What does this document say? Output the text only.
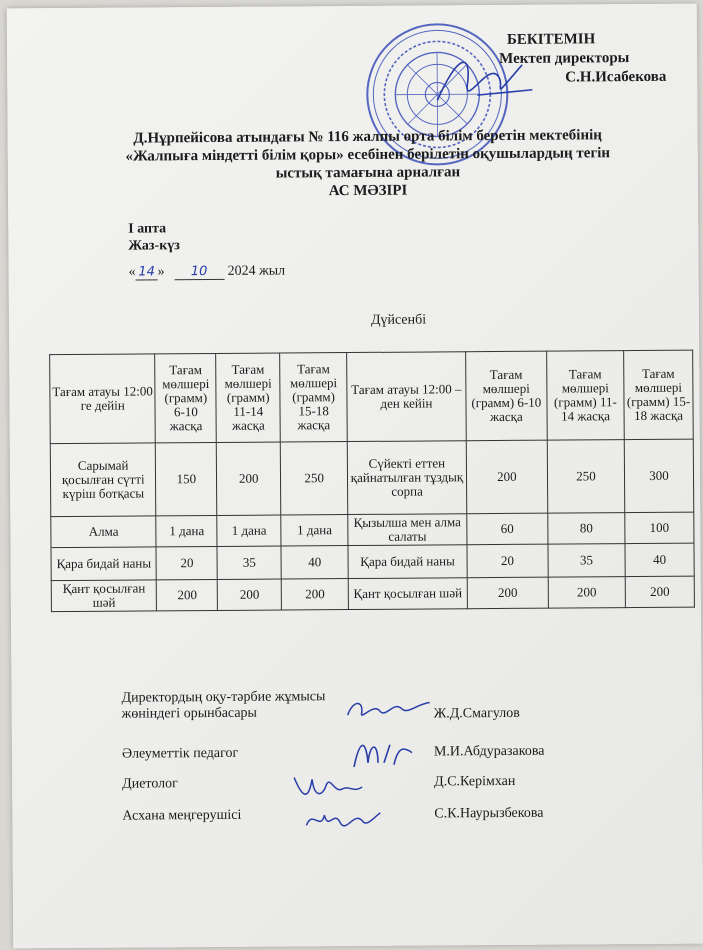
БЕКІТЕМІН
Мектеп директоры
С.Н.Исабекова
Д.Нұрпейісова атындағы № 116 жалпы орта білім беретін мектебінің
«Жалпыға міндетті білім қоры» есебінен берілетін оқушылардың тегін
ыстық тамағына арналған
АС МӘЗІРІ
I апта
Жаз-күз
« 14 » 10 2024 жыл
Дүйсенбі
Тағам атауы 12:00 ге дейін	Тағам мөлшері (грамм) 6-10 жасқа	Тағам мөлшері (грамм) 11-14 жасқа	Тағам мөлшері (грамм) 15-18 жасқа	Тағам атауы 12:00 – ден кейін	Тағам мөлшері (грамм) 6-10 жасқа	Тағам мөлшері (грамм) 11-14 жасқа	Тағам мөлшері (грамм) 15-18 жасқа
Сарымай қосылған сүтті күріш ботқасы	150	200	250	Сүйекті еттен қайнатылған тұздық сорпа	200	250	300
Алма	1 дана	1 дана	1 дана	Қызылша мен алма салаты	60	80	100
Қара бидай наны	20	35	40	Қара бидай наны	20	35	40
Қант қосылған шәй	200	200	200	Қант қосылған шәй	200	200	200
Директордың оқу-тәрбие жұмысы жөніндегі орынбасары	Ж.Д.Смагулов
Әлеуметтік педагог	М.И.Абдуразакова
Диетолог	Д.С.Керімхан
Асхана меңгерушісі	С.К.Наурызбекова
